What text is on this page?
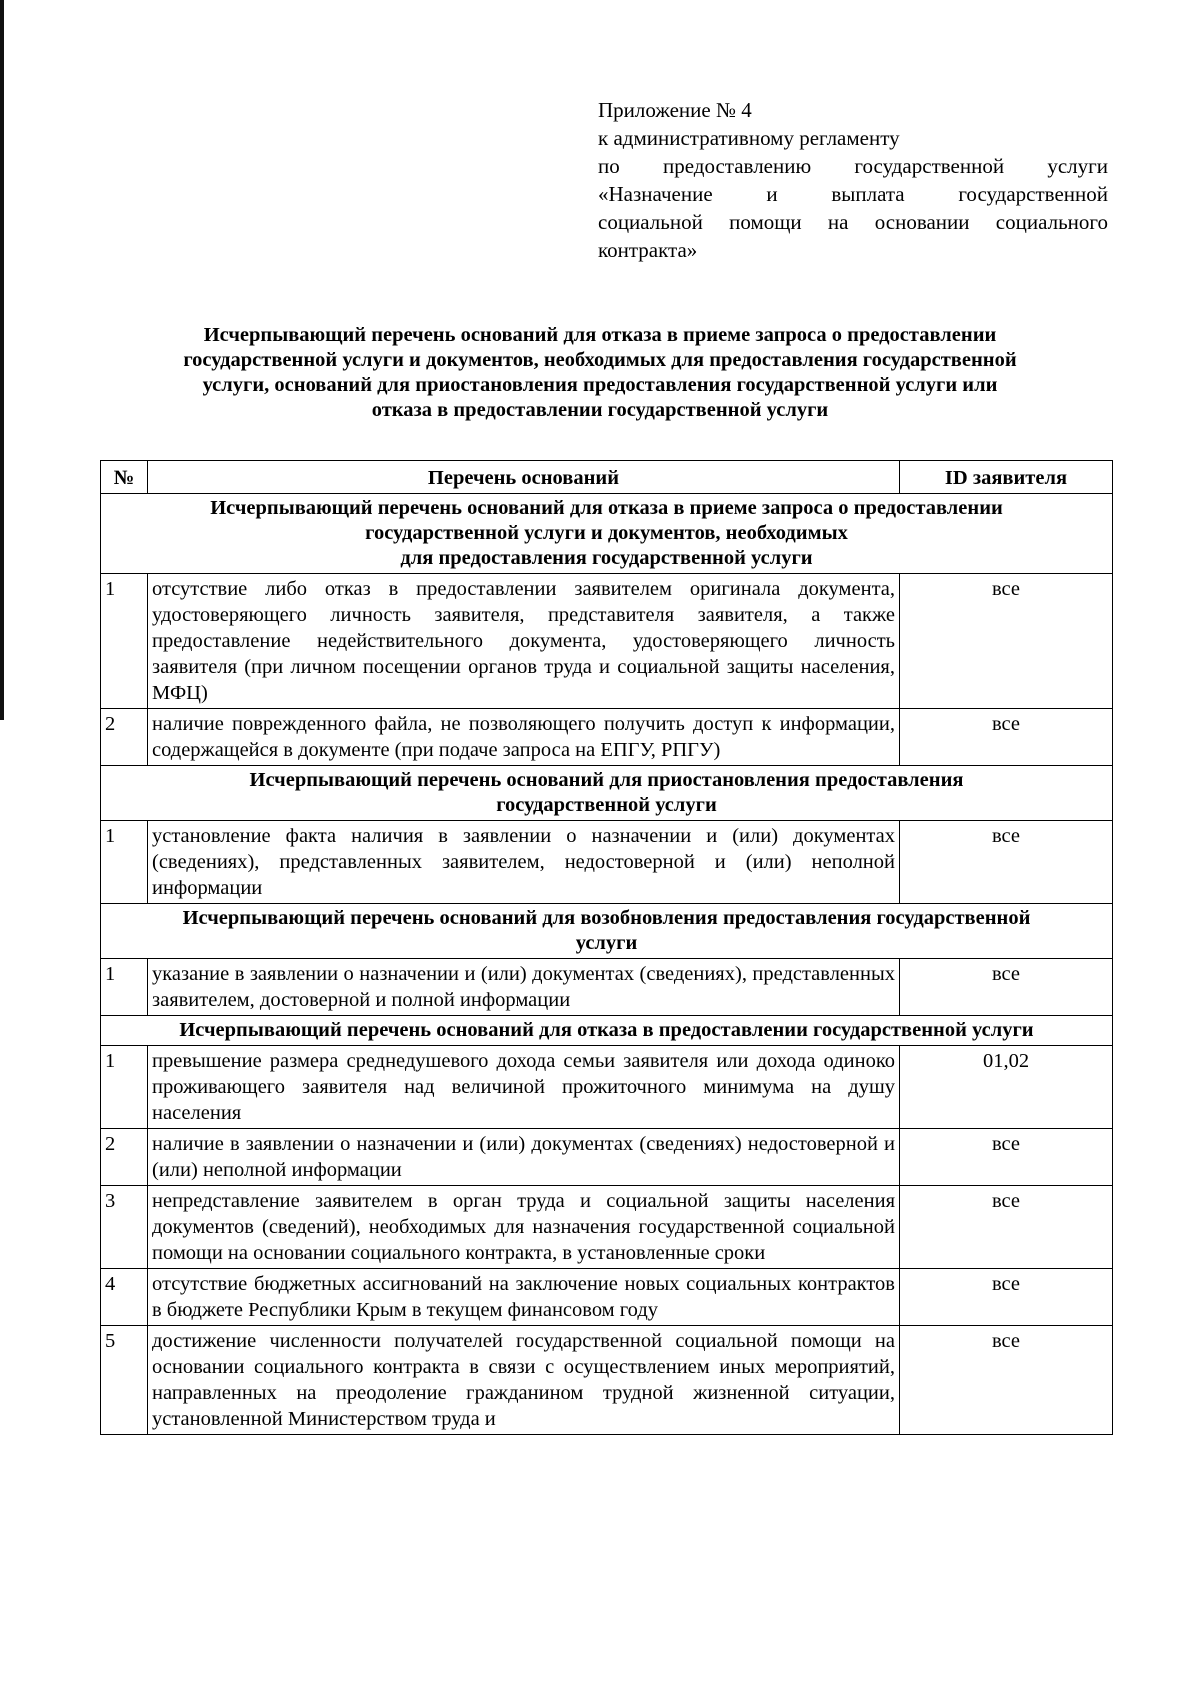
Приложение № 4
к административному регламенту
по предоставлению государственной услуги
«Назначение и выплата государственной
социальной помощи на основании социального
контракта»
Исчерпывающий перечень оснований для отказа в приеме запроса о предоставлении
государственной услуги и документов, необходимых для предоставления государственной
услуги, оснований для приостановления предоставления государственной услуги или
отказа в предоставлении государственной услуги
№	Перечень оснований	ID заявителя

Исчерпывающий перечень оснований для отказа в приеме запроса о предоставлении
государственной услуги и документов, необходимых
для предоставления государственной услуги		

1	отсутствие либо отказ в предоставлении заявителем оригинала документа, удостоверяющего личность заявителя, представителя заявителя, а также предоставление недействительного документа, удостоверяющего личность заявителя (при личном посещении органов труда и социальной защиты населения, МФЦ)	все
2	наличие поврежденного файла, не позволяющего получить доступ к информации, содержащейся в документе (при подаче запроса на ЕПГУ, РПГУ)	все

Исчерпывающий перечень оснований для приостановления предоставления
государственной услуги		

1	установление факта наличия в заявлении о назначении и (или) документах (сведениях), представленных заявителем, недостоверной и (или) неполной информации	все

Исчерпывающий перечень оснований для возобновления предоставления государственной
услуги		

1	указание в заявлении о назначении и (или) документах (сведениях), представленных заявителем, достоверной и полной информации	все

Исчерпывающий перечень оснований для отказа в предоставлении государственной услуги		

1	превышение размера среднедушевого дохода семьи заявителя или дохода одиноко проживающего заявителя над величиной прожиточного минимума на душу населения	01,02
2	наличие в заявлении о назначении и (или) документах (сведениях) недостоверной и (или) неполной информации	все
3	непредставление заявителем в орган труда и социальной защиты населения документов (сведений), необходимых для назначения государственной социальной помощи на основании социального контракта, в установленные сроки	все
4	отсутствие бюджетных ассигнований на заключение новых социальных контрактов в бюджете Республики Крым в текущем финансовом году	все
5	достижение численности получателей государственной социальной помощи на основании социального контракта в связи с осуществлением иных мероприятий, направленных на преодоление гражданином трудной жизненной ситуации, установленной Министерством труда и	все
